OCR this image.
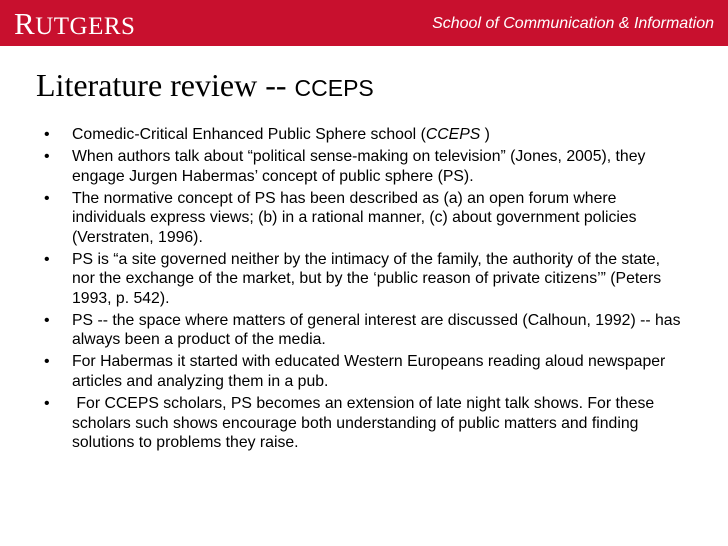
RUTGERS	School of Communication & Information
Literature review -- CCEPS
• Comedic-Critical Enhanced Public Sphere school (CCEPS )
• When authors talk about “political sense-making on television” (Jones, 2005), they engage Jurgen Habermas’ concept of public sphere (PS).
• The normative concept of PS has been described as (a) an open forum where individuals express views; (b) in a rational manner, (c) about government policies (Verstraten, 1996).
• PS is “a site governed neither by the intimacy of the family, the authority of the state, nor the exchange of the market, but by the ‘public reason of private citizens’” (Peters 1993, p. 542).
• PS -- the space where matters of general interest are discussed (Calhoun, 1992) -- has always been a product of the media.
• For Habermas it started with educated Western Europeans reading aloud newspaper articles and analyzing them in a pub.
• For CCEPS scholars, PS becomes an extension of late night talk shows. For these scholars such shows encourage both understanding of public matters and finding solutions to problems they raise.
